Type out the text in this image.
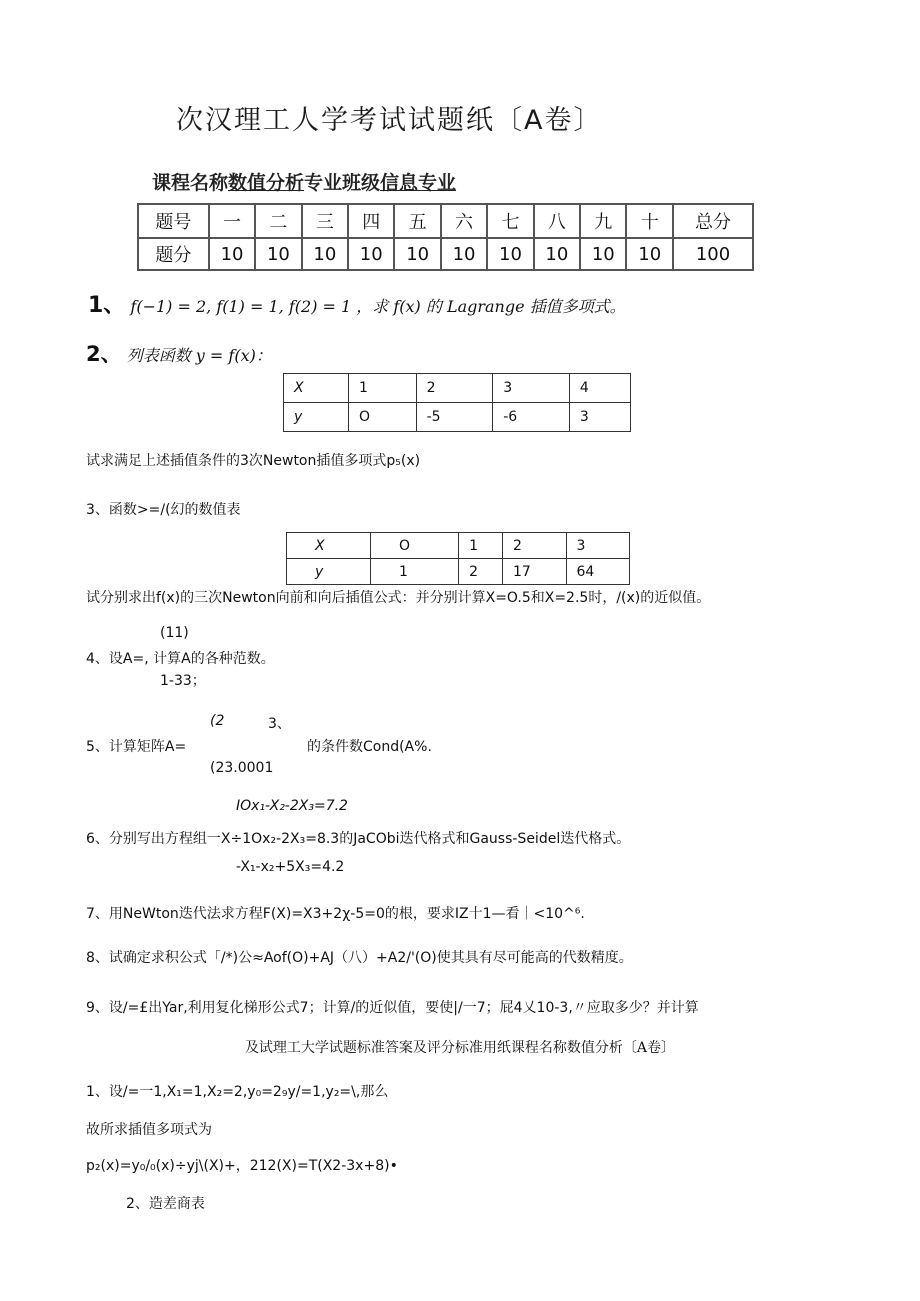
次汉理工人学考试试题纸〔A卷〕
课程名称数值分析专业班级信息专业
题号	一	二	三	四	五	六	七	八	九	十	总分
题分	10	10	10	10	10	10	10	10	10	10	100
1、 f(−1) = 2, f(1) = 1, f(2) = 1 ，求 f(x) 的 Lagrange 插值多项式。
2、 列表函数 y = f(x)：
X	1	2	3	4
y	O	-5	-6	3
试求满足上述插值条件的3次Newton插值多项式p₅(x)
3、函数>=/(幻的数值表
X	O	1	2	3
y	1	2	17	64
试分别求出f(x)的三次Newton向前和向后插值公式：并分别计算X=O.5和X=2.5时，/(x)的近似值。
(11)
4、设A=, 计算A的各种范数。
1-33；
(2	3、
5、计算矩阵A=	的条件数Cond(A%.
(23.0001
IOx₁-X₂-2X₃=7.2
6、分别写出方程组一X÷1Ox₂-2X₃=8.3的JaCObi迭代格式和Gauss-Seidel迭代格式。
-X₁-x₂+5X₃=4.2
7、用NeWton迭代法求方程F(X)=X3+2χ-5=0的根，要求IZ十1—看｜<10^⁶.
8、试确定求积公式「/*)公≈Aof(O)+AJ（八）+A2/'(O)使其具有尽可能高的代数精度。
9、设/=£出Yar,利用复化梯形公式7；计算/的近似值，要使|/一7；屁4乂10-3,〃应取多少？并计算
及试理工大学试题标准答案及评分标准用纸课程名称数值分析〔A卷〕
1、设/=一1,X₁=1,X₂=2,y₀=2₉y/=1,y₂=\,那么
故所求插值多项式为
p₂(x)=y₀/₀(x)÷yj\(X)+，212(X)=T(X2-3x+8)•
2、造差商表
